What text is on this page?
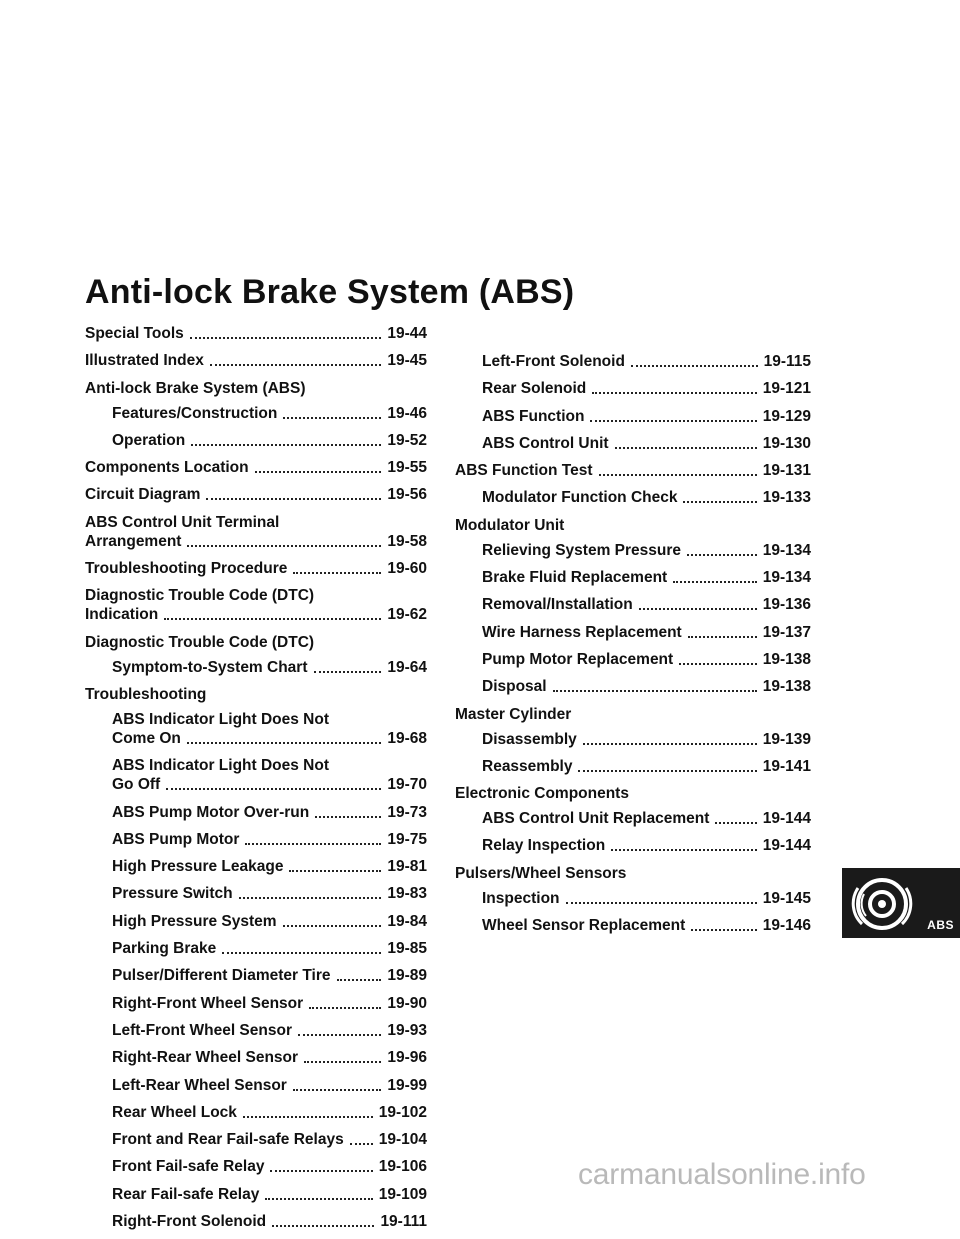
Anti-lock Brake System (ABS)
Special Tools	19-44
Illustrated Index	19-45
Anti-lock Brake System (ABS)
Features/Construction	19-46
Operation	19-52
Components Location	19-55
Circuit Diagram	19-56
ABS Control Unit Terminal
Arrangement	19-58
Troubleshooting Procedure	19-60
Diagnostic Trouble Code (DTC)
Indication	19-62
Diagnostic Trouble Code (DTC)
Symptom-to-System Chart	19-64
Troubleshooting
ABS Indicator Light Does Not
Come On	19-68
ABS Indicator Light Does Not
Go Off	19-70
ABS Pump Motor Over-run	19-73
ABS Pump Motor	19-75
High Pressure Leakage	19-81
Pressure Switch	19-83
High Pressure System	19-84
Parking Brake	19-85
Pulser/Different Diameter Tire	19-89
Right-Front Wheel Sensor	19-90
Left-Front Wheel Sensor	19-93
Right-Rear Wheel Sensor	19-96
Left-Rear Wheel Sensor	19-99
Rear Wheel Lock	19-102
Front and Rear Fail-safe Relays 19-104
Front Fail-safe Relay	19-106
Rear Fail-safe Relay	19-109
Right-Front Solenoid	19-111
Left-Front Solenoid	19-115
Rear Solenoid	19-121
ABS Function	19-129
ABS Control Unit	19-130
ABS Function Test	19-131
Modulator Function Check	19-133
Modulator Unit
Relieving System Pressure	19-134
Brake Fluid Replacement	19-134
Removal/Installation	19-136
Wire Harness Replacement	19-137
Pump Motor Replacement	19-138
Disposal	19-138
Master Cylinder
Disassembly	19-139
Reassembly	19-141
Electronic Components
ABS Control Unit Replacement	19-144
Relay Inspection	19-144
Pulsers/Wheel Sensors
Inspection	19-145
Wheel Sensor Replacement	19-146	ABS
carmanualsonline.info
